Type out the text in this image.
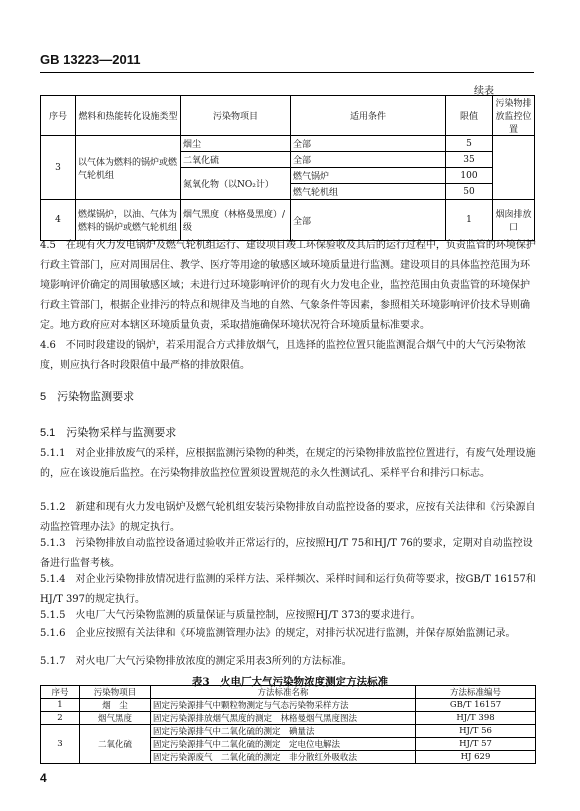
GB 13223—2011
续表
序号	燃料和热能转化设施类型	污染物项目	适用条件	限值	污染物排放监控位置
3	以气体为燃料的锅炉或燃气轮机组	烟尘	全部	5	
		二氧化硫	全部	35	
		氮氧化物（以NO₂计）	燃气锅炉	100	
			燃气轮机组	50	
4	燃煤锅炉，以油、气体为燃料的锅炉或燃气轮机组	烟气黑度（林格曼黑度）/级	全部	1	烟囱排放口

4.5　在现有火力发电锅炉及燃气轮机组运行、建设项目竣工环保验收及其后的运行过程中，负责监管的环境保护行政主管部门，应对周围居住、教学、医疗等用途的敏感区域环境质量进行监测。建设项目的具体监控范围为环境影响评价确定的周围敏感区域；未进行过环境影响评价的现有火力发电企业，监控范围由负责监管的环境保护行政主管部门，根据企业排污的特点和规律及当地的自然、气象条件等因素，参照相关环境影响评价技术导则确定。地方政府应对本辖区环境质量负责，采取措施确保环境状况符合环境质量标准要求。

4.6　不同时段建设的锅炉，若采用混合方式排放烟气，且选择的监控位置只能监测混合烟气中的大气污染物浓度，则应执行各时段限值中最严格的排放限值。

5　污染物监测要求
5.1　污染物采样与监测要求

5.1.1　对企业排放废气的采样，应根据监测污染物的种类，在规定的污染物排放监控位置进行，有废气处理设施的，应在该设施后监控。在污染物排放监控位置须设置规范的永久性测试孔、采样平台和排污口标志。

5.1.2　新建和现有火力发电锅炉及燃气轮机组安装污染物排放自动监控设备的要求，应按有关法律和《污染源自动监控管理办法》的规定执行。

5.1.3　污染物排放自动监控设备通过验收并正常运行的，应按照HJ/T 75和HJ/T 76的要求，定期对自动监控设备进行监督考核。

5.1.4　对企业污染物排放情况进行监测的采样方法、采样频次、采样时间和运行负荷等要求，按GB/T 16157和HJ/T 397的规定执行。

5.1.5　火电厂大气污染物监测的质量保证与质量控制，应按照HJ/T 373的要求进行。

5.1.6　企业应按照有关法律和《环境监测管理办法》的规定，对排污状况进行监测，并保存原始监测记录。

5.1.7　对火电厂大气污染物排放浓度的测定采用表3所列的方法标准。

表3　火电厂大气污染物浓度测定方法标准
序号	污染物项目	方法标准名称	方法标准编号
1	烟　尘	固定污染源排气中颗粒物测定与气态污染物采样方法	GB/T 16157
2	烟气黑度	固定污染源排放烟气黑度的测定　林格曼烟气黑度图法	HJ/T 398
3	二氧化硫	固定污染源排气中二氧化硫的测定　碘量法	HJ/T 56
		固定污染源排气中二氧化硫的测定　定电位电解法	HJ/T 57
		固定污染源废气　二氧化硫的测定　非分散红外吸收法	HJ 629
4
